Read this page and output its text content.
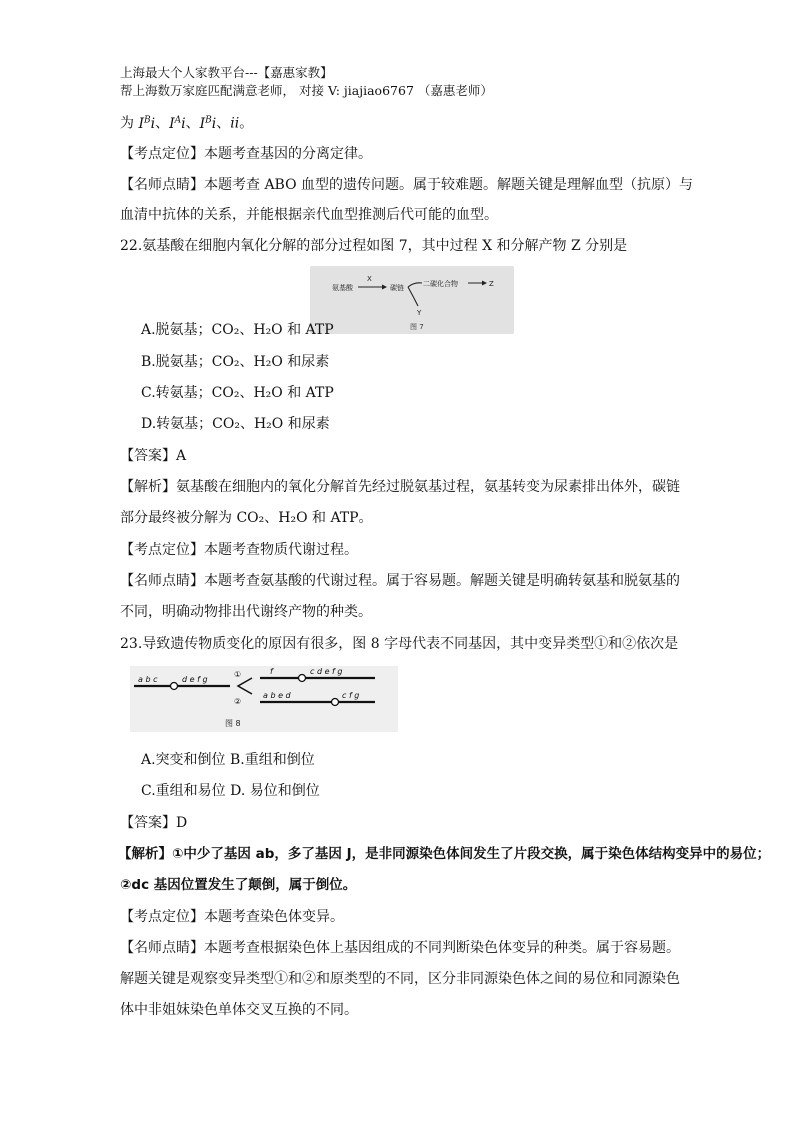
上海最大个人家教平台---【嘉惠家教】
帮上海数万家庭匹配满意老师， 对接 V: jiajiao6767 （嘉惠老师）
为 $I^Bi$、$I^Ai$、$I^Bi$、ii。
【考点定位】本题考查基因的分离定律。
【名师点睛】本题考查 ABO 血型的遗传问题。属于较难题。解题关键是理解血型（抗原）与
血清中抗体的关系，并能根据亲代血型推测后代可能的血型。
22.氨基酸在细胞内氧化分解的部分过程如图 7，其中过程 X 和分解产物 Z 分别是
氨基酸
X
碳链
Y
二碳化合物	Z
图 7
A.脱氨基；CO₂、H₂O 和 ATP
B.脱氨基；CO₂、H₂O 和尿素
C.转氨基；CO₂、H₂O 和 ATP
D.转氨基；CO₂、H₂O 和尿素
【答案】A
【解析】氨基酸在细胞内的氧化分解首先经过脱氨基过程，氨基转变为尿素排出体外，碳链
部分最终被分解为 CO₂、H₂O 和 ATP。
【考点定位】本题考查物质代谢过程。
【名师点睛】本题考查氨基酸的代谢过程。属于容易题。解题关键是明确转氨基和脱氨基的
不同，明确动物排出代谢终产物的种类。
23.导致遗传物质变化的原因有很多，图 8 字母代表不同基因，其中变异类型①和②依次是
a b c	d e f g
①
②
f	c d e f g
a b e d	c f g
图 8
A.突变和倒位 B.重组和倒位
C.重组和易位 D. 易位和倒位
【答案】D
【解析】①中少了基因 ab，多了基因 J，是非同源染色体间发生了片段交换，属于染色体结构变异中的易位；
②dc 基因位置发生了颠倒，属于倒位。
【考点定位】本题考查染色体变异。
【名师点睛】本题考查根据染色体上基因组成的不同判断染色体变异的种类。属于容易题。
解题关键是观察变异类型①和②和原类型的不同，区分非同源染色体之间的易位和同源染色
体中非姐妹染色单体交叉互换的不同。
